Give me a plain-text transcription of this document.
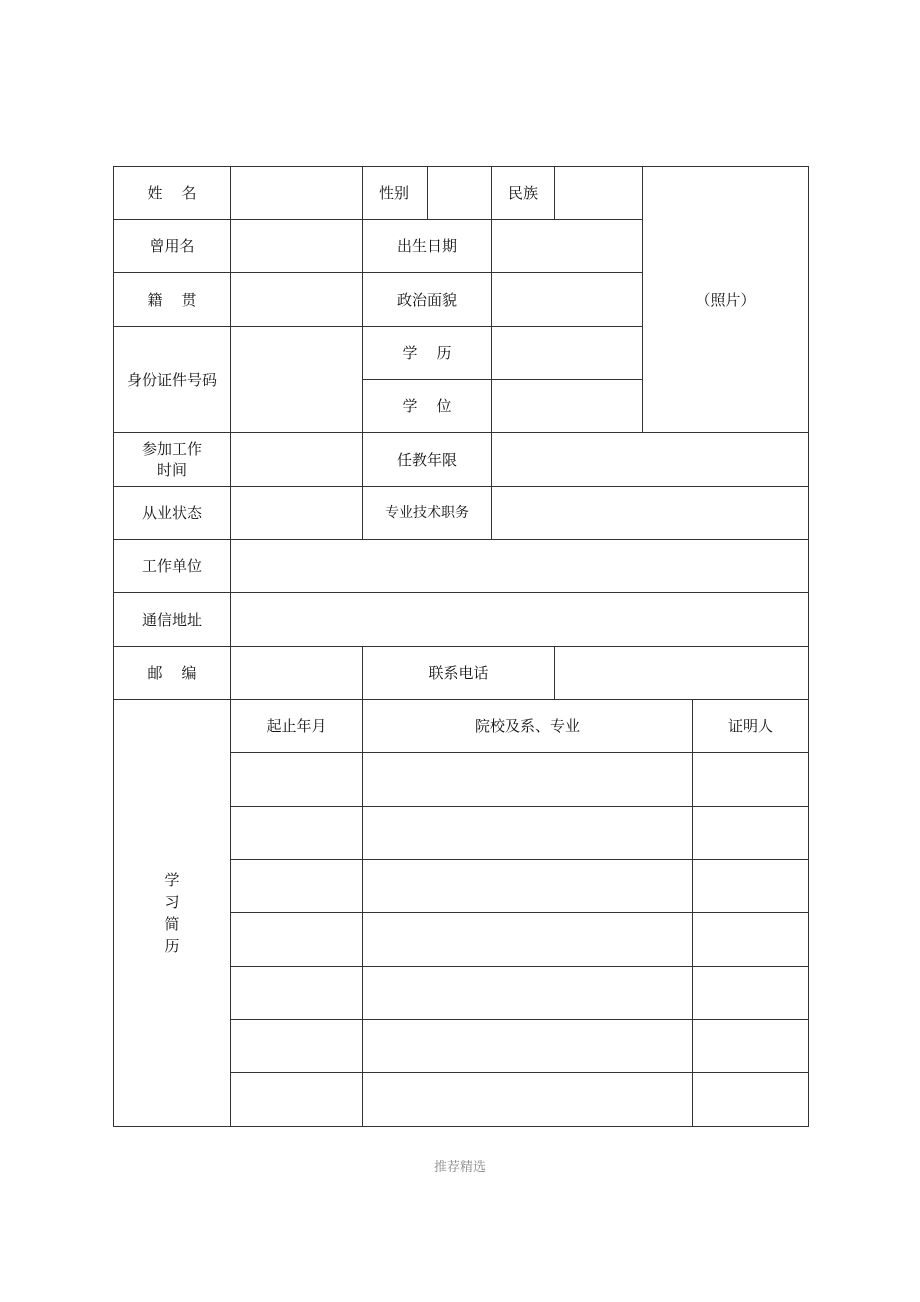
姓    名		性别		民族		（照片）	
曾用名		出生日期					
籍    贯		政治面貌					
身份证件号码		学    历					
		学    位					

参加工作
时间		任教年限					
从业状态		专业技术职务					
工作单位							
通信地址							
邮    编		联系电话					

学
习
简
历	起止年月	院校及系、专业					证明人

推荐精选
